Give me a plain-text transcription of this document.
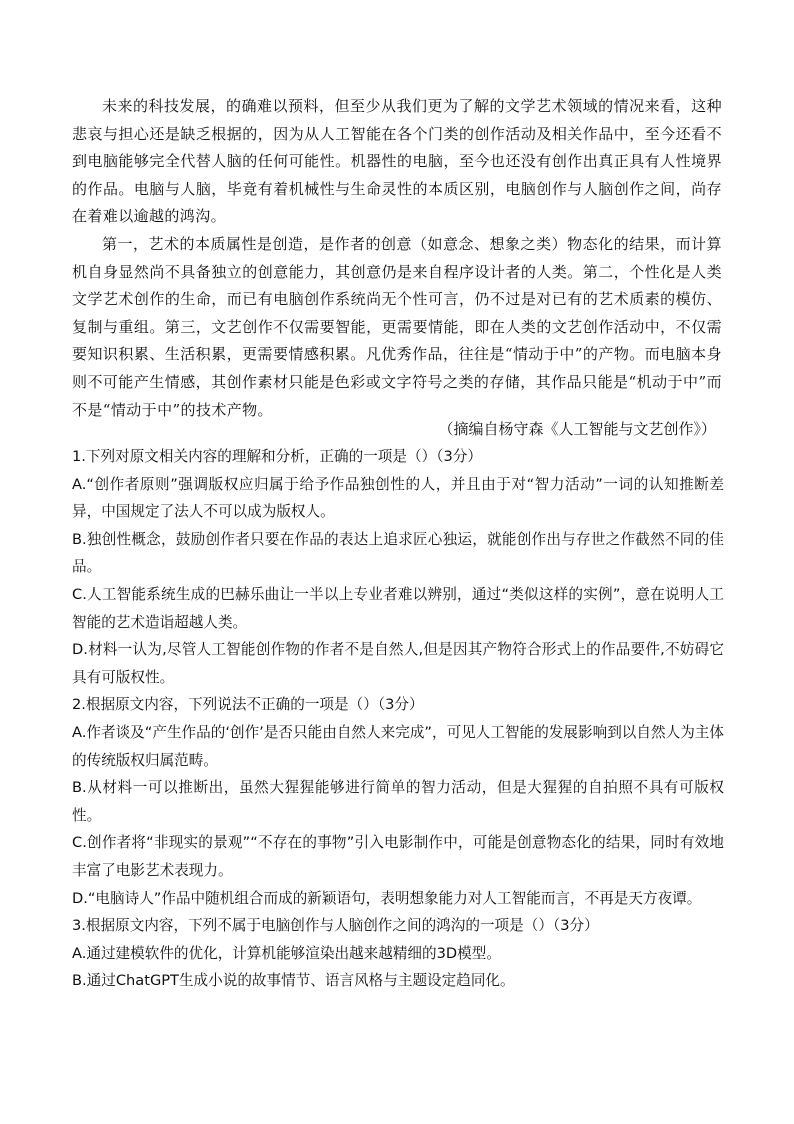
未来的科技发展，的确难以预料，但至少从我们更为了解的文学艺术领域的情况来看，这种悲哀与担心还是缺乏根据的，因为从人工智能在各个门类的创作活动及相关作品中，至今还看不到电脑能够完全代替人脑的任何可能性。机器性的电脑，至今也还没有创作出真正具有人性境界的作品。电脑与人脑，毕竟有着机械性与生命灵性的本质区别，电脑创作与人脑创作之间，尚存在着难以逾越的鸿沟。

第一，艺术的本质属性是创造，是作者的创意（如意念、想象之类）物态化的结果，而计算机自身显然尚不具备独立的创意能力，其创意仍是来自程序设计者的人类。第二，个性化是人类文学艺术创作的生命，而已有电脑创作系统尚无个性可言，仍不过是对已有的艺术质素的模仿、复制与重组。第三，文艺创作不仅需要智能，更需要情能，即在人类的文艺创作活动中，不仅需要知识积累、生活积累，更需要情感积累。凡优秀作品，往往是“情动于中”的产物。而电脑本身则不可能产生情感，其创作素材只能是色彩或文字符号之类的存储，其作品只能是“机动于中”而不是“情动于中”的技术产物。

（摘编自杨守森《人工智能与文艺创作》）

1.下列对原文相关内容的理解和分析，正确的一项是（）（3分）

A.“创作者原则”强调版权应归属于给予作品独创性的人，并且由于对“智力活动”一词的认知推断差异，中国规定了法人不可以成为版权人。

B.独创性概念，鼓励创作者只要在作品的表达上追求匠心独运，就能创作出与存世之作截然不同的佳品。

C.人工智能系统生成的巴赫乐曲让一半以上专业者难以辨别，通过“类似这样的实例”，意在说明人工智能的艺术造诣超越人类。

D.材料一认为,尽管人工智能创作物的作者不是自然人,但是因其产物符合形式上的作品要件,不妨碍它具有可版权性。

2.根据原文内容，下列说法不正确的一项是（）（3分）

A.作者谈及“产生作品的‘创作’是否只能由自然人来完成”，可见人工智能的发展影响到以自然人为主体的传统版权归属范畴。

B.从材料一可以推断出，虽然大猩猩能够进行简单的智力活动，但是大猩猩的自拍照不具有可版权性。

C.创作者将“非现实的景观”“不存在的事物”引入电影制作中，可能是创意物态化的结果，同时有效地丰富了电影艺术表现力。

D.“电脑诗人”作品中随机组合而成的新颖语句，表明想象能力对人工智能而言，不再是天方夜谭。

3.根据原文内容，下列不属于电脑创作与人脑创作之间的鸿沟的一项是（）（3分）

A.通过建模软件的优化，计算机能够渲染出越来越精细的3D模型。

B.通过ChatGPT生成小说的故事情节、语言风格与主题设定趋同化。
